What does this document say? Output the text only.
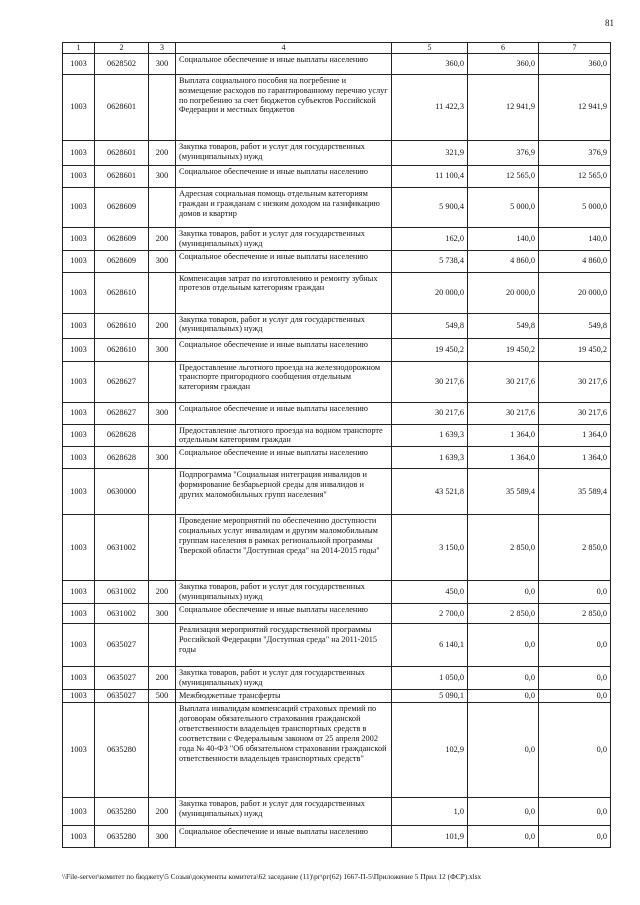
81
1	2	3	4	5	6	7
1003	0628502	300	Социальное обеспечение и иные выплаты населению	360,0	360,0	360,0
1003	0628601		Выплата социального пособия на погребение и возмещение расходов по гарантированному перечню услуг по погребению за счет бюджетов субъектов Российской Федерации и местных бюджетов	11 422,3	12 941,9	12 941,9
1003	0628601	200	Закупка товаров, работ и услуг для государственных (муниципальных) нужд	321,9	376,9	376,9
1003	0628601	300	Социальное обеспечение и иные выплаты населению	11 100,4	12 565,0	12 565,0
1003	0628609		Адресная социальная помощь отдельным категориям граждан и гражданам с низким доходом на газификацию домов и квартир	5 900,4	5 000,0	5 000,0
1003	0628609	200	Закупка товаров, работ и услуг для государственных (муниципальных) нужд	162,0	140,0	140,0
1003	0628609	300	Социальное обеспечение и иные выплаты населению	5 738,4	4 860,0	4 860,0
1003	0628610		Компенсация затрат по изготовлению и ремонту зубных протезов отдельным категориям граждан	20 000,0	20 000,0	20 000,0
1003	0628610	200	Закупка товаров, работ и услуг для государственных (муниципальных) нужд	549,8	549,8	549,8
1003	0628610	300	Социальное обеспечение и иные выплаты населению	19 450,2	19 450,2	19 450,2
1003	0628627		Предоставление льготного проезда на железнодорожном транспорте пригородного сообщения отдельным категориям граждан	30 217,6	30 217,6	30 217,6
1003	0628627	300	Социальное обеспечение и иные выплаты населению	30 217,6	30 217,6	30 217,6
1003	0628628		Предоставление льготного проезда на водном транспорте отдельным категориям граждан	1 639,3	1 364,0	1 364,0
1003	0628628	300	Социальное обеспечение и иные выплаты населению	1 639,3	1 364,0	1 364,0
1003	0630000		Подпрограмма "Социальная интеграция инвалидов и формирование безбарьерной среды для инвалидов и других маломобильных групп населения"	43 521,8	35 589,4	35 589,4
1003	0631002		Проведение мероприятий по обеспечению доступности социальных услуг инвалидам и другим маломобильным группам населения в рамках региональной программы Тверской области "Доступная среда" на 2014-2015 годы"	3 150,0	2 850,0	2 850,0
1003	0631002	200	Закупка товаров, работ и услуг для государственных (муниципальных) нужд	450,0	0,0	0,0
1003	0631002	300	Социальное обеспечение и иные выплаты населению	2 700,0	2 850,0	2 850,0
1003	0635027		Реализация мероприятий государственной программы Российской Федерации "Доступная среда" на 2011-2015 годы	6 140,1	0,0	0,0
1003	0635027	200	Закупка товаров, работ и услуг для государственных (муниципальных) нужд	1 050,0	0,0	0,0
1003	0635027	500	Межбюджетные трансферты	5 090,1	0,0	0,0
1003	0635280		Выплата инвалидам компенсаций страховых премий по договорам обязательного страхования гражданской ответственности владельцев транспортных средств в соответствии с Федеральным законом от 25 апреля 2002 года № 40-ФЗ "Об обязательном страховании гражданской ответственности владельцев транспортных средств"	102,9	0,0	0,0
1003	0635280	200	Закупка товаров, работ и услуг для государственных (муниципальных) нужд	1,0	0,0	0,0
1003	0635280	300	Социальное обеспечение и иные выплаты населению	101,9	0,0	0,0
\\File-server\комитет по бюджету\5 Созыв\документы комитета\62 заседание (11)\рг\рг(62) 1667-П-5\Приложение 5 Прил 12 (ФСР).xlsx
